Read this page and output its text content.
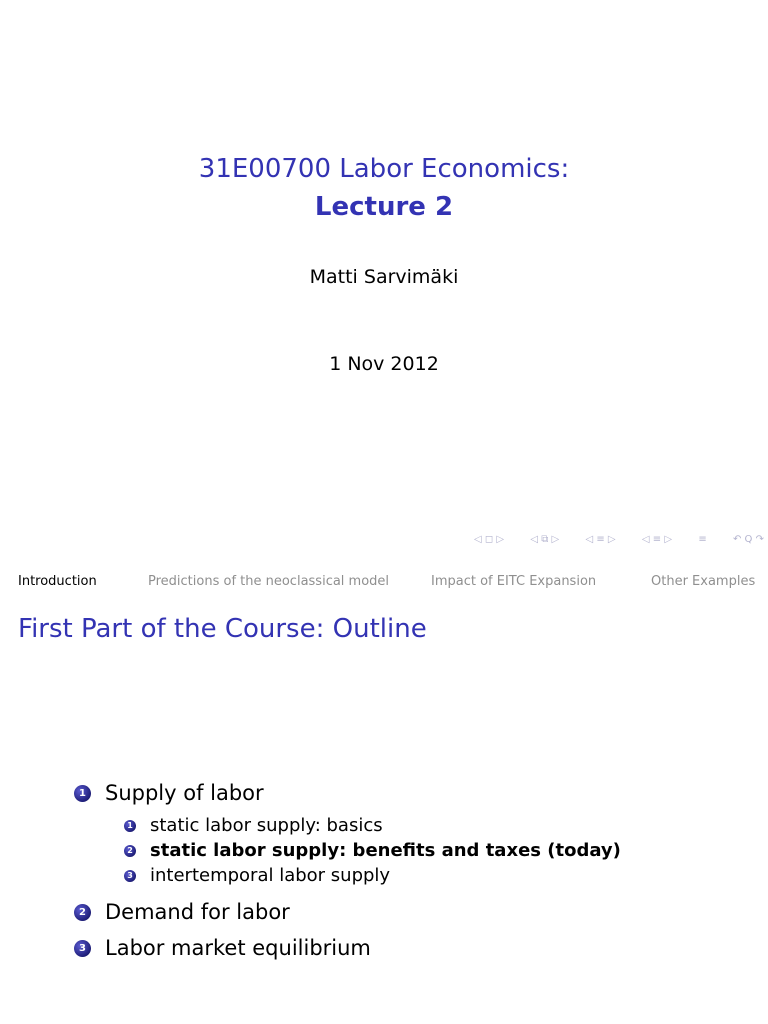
31E00700 Labor Economics:
Lecture 2
Matti Sarvimäki
1 Nov 2012
◁ ◻ ▷	◁ ⧉ ▷	◁ ≡ ▷	◁ ≡ ▷	≡	↶ Q ↷
Introduction	Predictions of the neoclassical model	Impact of EITC Expansion	Other Examples
First Part of the Course: Outline
1 Supply of labor
1 static labor supply: basics
2 static labor supply: benefits and taxes (today)
3 intertemporal labor supply
2 Demand for labor
3 Labor market equilibrium
